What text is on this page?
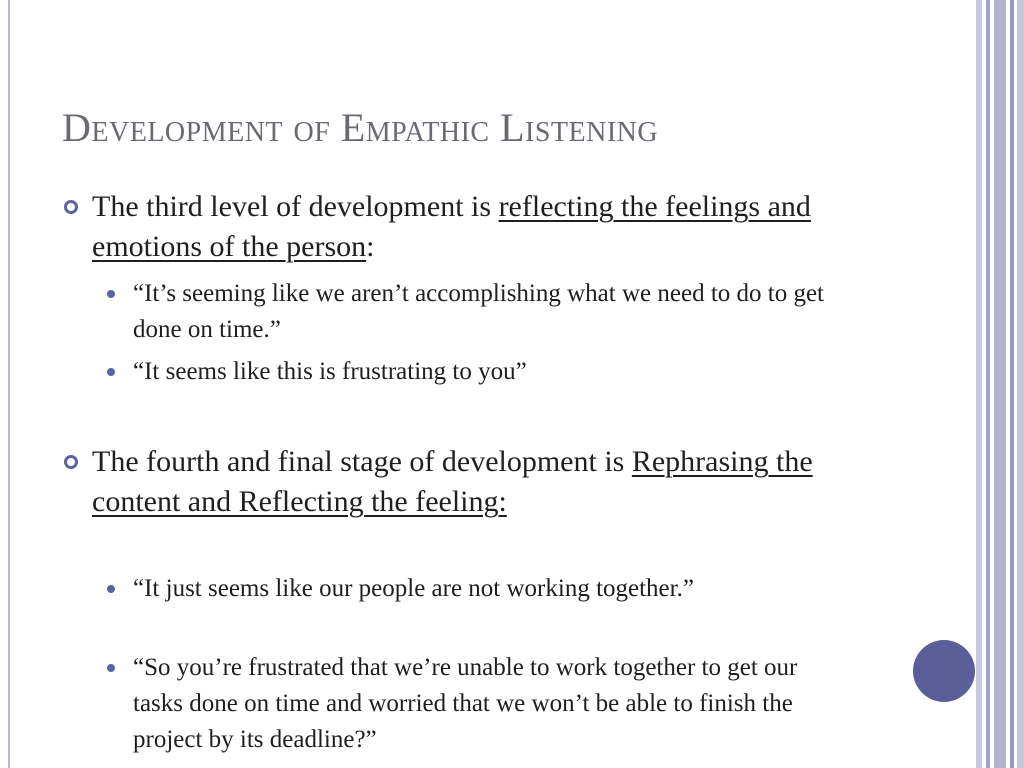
Development of Empathic Listening
The third level of development is reflecting the feelings and emotions of the person:
“It’s seeming like we aren’t accomplishing what we need to do to get done on time.”
“It seems like this is frustrating to you”
The fourth and final stage of development is Rephrasing the content and Reflecting the feeling:
“It just seems like our people are not working together.”
“So you’re frustrated that we’re unable to work together to get our tasks done on time and worried that we won’t be able to finish the project by its deadline?”
